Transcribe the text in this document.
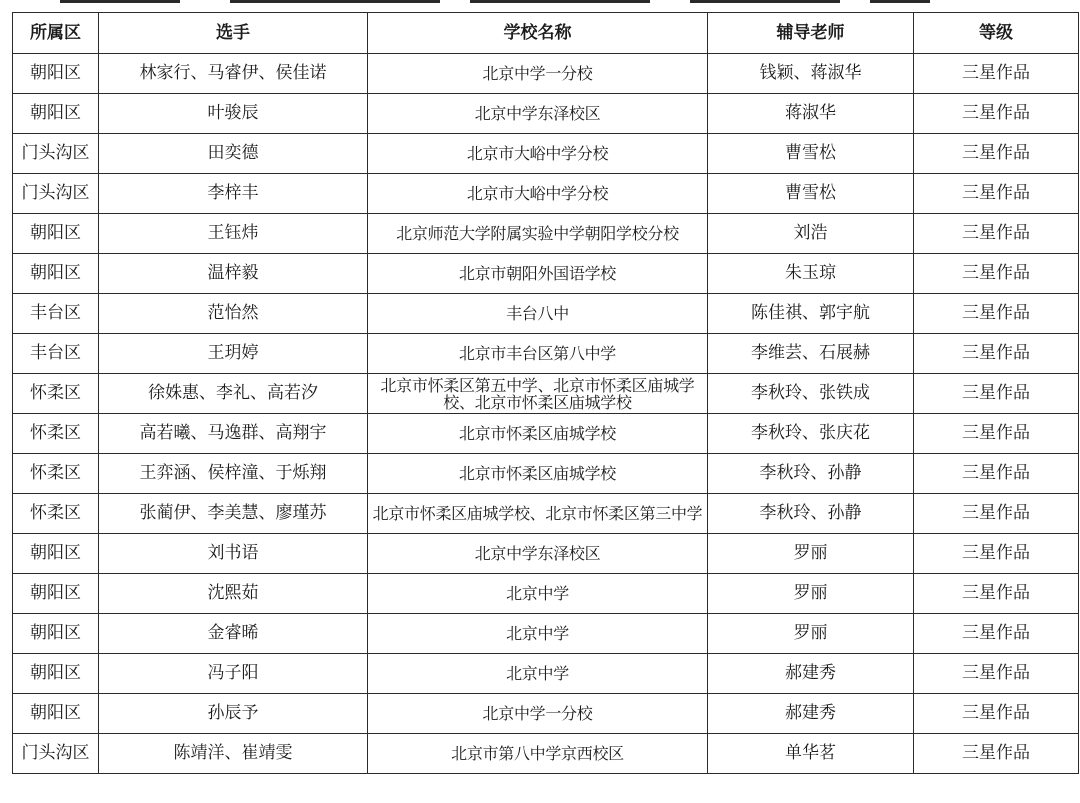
所属区	选手	学校名称	辅导老师	等级
朝阳区	林家行、马睿伊、侯佳诺	北京中学一分校	钱颖、蒋淑华	三星作品
朝阳区	叶骏辰	北京中学东泽校区	蒋淑华	三星作品
门头沟区	田奕德	北京市大峪中学分校	曹雪松	三星作品
门头沟区	李梓丰	北京市大峪中学分校	曹雪松	三星作品
朝阳区	王钰炜	北京师范大学附属实验中学朝阳学校分校	刘浩	三星作品
朝阳区	温梓毅	北京市朝阳外国语学校	朱玉琼	三星作品
丰台区	范怡然	丰台八中	陈佳祺、郭宇航	三星作品
丰台区	王玥婷	北京市丰台区第八中学	李维芸、石展赫	三星作品
怀柔区	徐姝惠、李礼、高若汐	北京市怀柔区第五中学、北京市怀柔区庙城学校、北京市怀柔区庙城学校	李秋玲、张铁成	三星作品
怀柔区	高若曦、马逸群、高翔宇	北京市怀柔区庙城学校	李秋玲、张庆花	三星作品
怀柔区	王弈涵、侯梓潼、于烁翔	北京市怀柔区庙城学校	李秋玲、孙静	三星作品
怀柔区	张蔺伊、李美慧、廖瑾苏	北京市怀柔区庙城学校、北京市怀柔区第三中学	李秋玲、孙静	三星作品
朝阳区	刘书语	北京中学东泽校区	罗丽	三星作品
朝阳区	沈熙茹	北京中学	罗丽	三星作品
朝阳区	金睿晞	北京中学	罗丽	三星作品
朝阳区	冯子阳	北京中学	郝建秀	三星作品
朝阳区	孙辰予	北京中学一分校	郝建秀	三星作品
门头沟区	陈靖洋、崔靖雯	北京市第八中学京西校区	单华茗	三星作品
